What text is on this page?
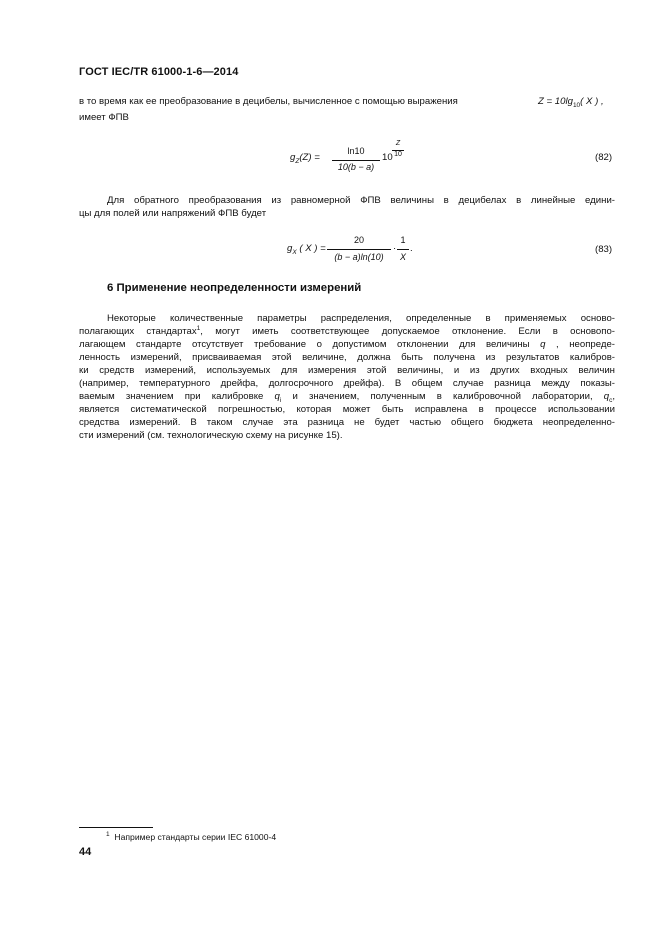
ГОСТ IEC/TR 61000-1-6—2014
в то время как ее преобразование в децибелы, вычисленное с помощью выражения	$Z = 10\lg_{10}$( X ) ,
имеет ФПВ
$g_Z(Z)$ =
ln10
10(b − a)
10
Z
10	(82)
Для обратного преобразования из равномерной ФПВ величины в децибелах в линейные едини-
цы для полей или напряжений ФПВ будет
$g_X$ ( X ) =
20
(b − a)ln(10)
·
1
X
.	(83)
6 Применение неопределенности измерений
Некоторые количественные параметры распределения, определенные в применяемых осново-
полагающих стандартах$^1$, могут иметь соответствующее допускаемое отклонение. Если в основопо-
лагающем стандарте отсутствует требование о допустимом отклонении для величины q , неопреде-
ленность измерений, присваиваемая этой величине, должна быть получена из результатов калибров-
ки средств измерений, используемых для измерения этой величины, и из других входных величин
(например, температурного дрейфа, долгосрочного дрейфа). В общем случае разница между показы-
ваемым значением при калибровке $q_i$ и значением, полученным в калибровочной лаборатории, $q_c$,
является систематической погрешностью, которая может быть исправлена в процессе использовании
средства измерений. В таком случае эта разница не будет частью общего бюджета неопределенно-
сти измерений (см. технологическую схему на рисунке 15).
$^1$ Например стандарты серии IEC 61000-4
44
